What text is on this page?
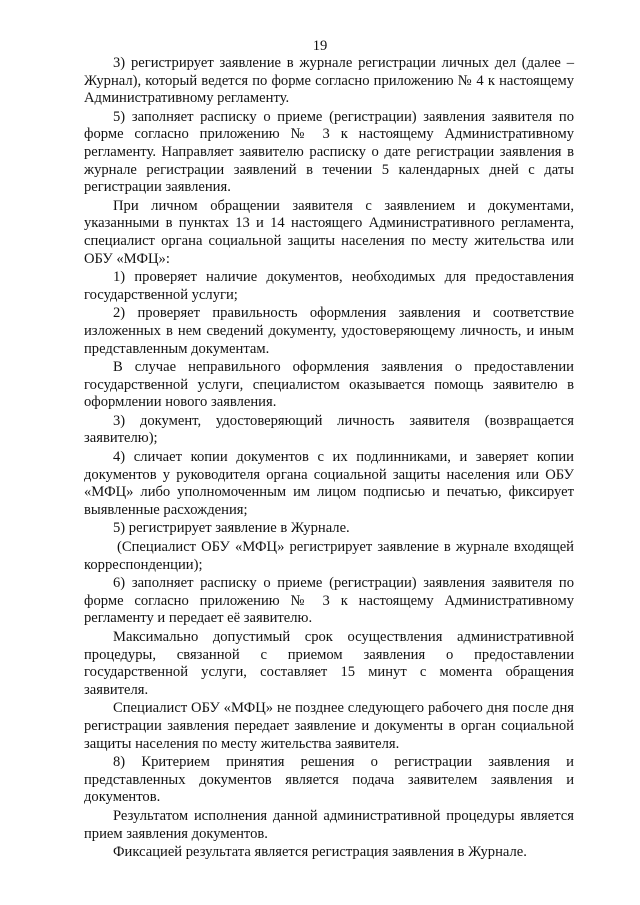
19

3) регистрирует заявление в журнале регистрации личных дел (далее – Журнал), который ведется по форме согласно приложению № 4 к настоящему Административному регламенту.

5) заполняет расписку о приеме (регистрации) заявления заявителя по форме согласно приложению № 3 к настоящему Административному регламенту. Направляет заявителю расписку о дате регистрации заявления в журнале регистрации заявлений в течении 5 календарных дней с даты регистрации заявления.

При личном обращении заявителя с заявлением и документами, указанными в пунктах 13 и 14 настоящего Административного регламента, специалист органа социальной защиты населения по месту жительства или ОБУ «МФЦ»:

1) проверяет наличие документов, необходимых для предоставления государственной услуги;

2) проверяет правильность оформления заявления и соответствие изложенных в нем сведений документу, удостоверяющему личность, и иным представленным документам.

В случае неправильного оформления заявления о предоставлении государственной услуги, специалистом оказывается помощь заявителю в оформлении нового заявления.

3) документ, удостоверяющий личность заявителя (возвращается заявителю);

4) сличает копии документов с их подлинниками, и заверяет копии документов у руководителя органа социальной защиты населения или ОБУ «МФЦ» либо уполномоченным им лицом подписью и печатью, фиксирует выявленные расхождения;

5) регистрирует заявление в Журнале.

(Специалист ОБУ «МФЦ» регистрирует заявление в журнале входящей корреспонденции);

6) заполняет расписку о приеме (регистрации) заявления заявителя по форме согласно приложению № 3 к настоящему Административному регламенту и передает её заявителю.

Максимально допустимый срок осуществления административной процедуры, связанной с приемом заявления о предоставлении государственной услуги, составляет 15 минут с момента обращения заявителя.

Специалист ОБУ «МФЦ» не позднее следующего рабочего дня после дня регистрации заявления передает заявление и документы в орган социальной защиты населения по месту жительства заявителя.

8) Критерием принятия решения о регистрации заявления и представленных документов является подача заявителем заявления и документов.

Результатом исполнения данной административной процедуры является прием заявления документов.

Фиксацией результата является регистрация заявления в Журнале.
